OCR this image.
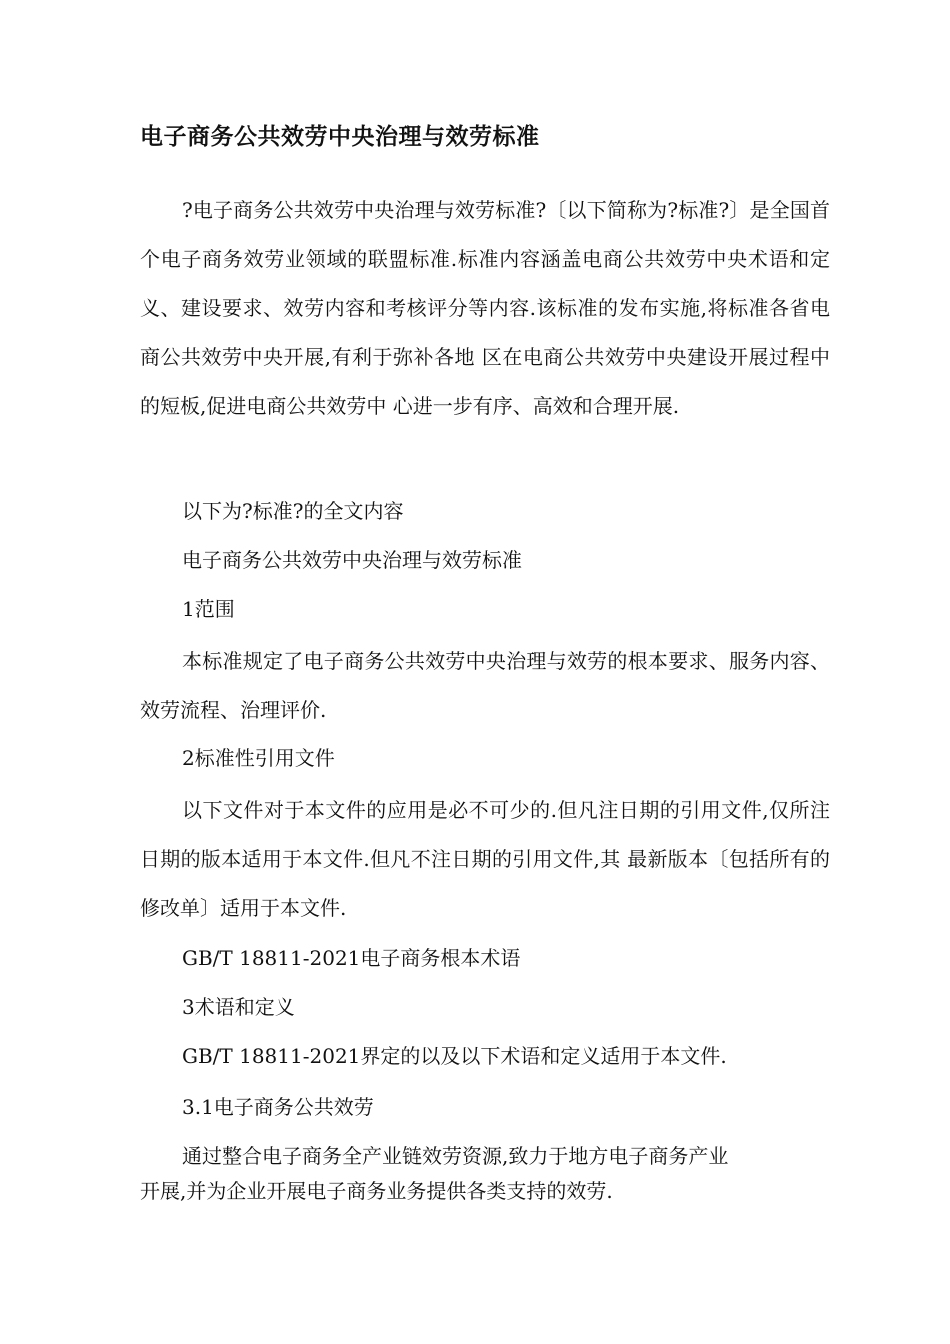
电子商务公共效劳中央治理与效劳标准

?电子商务公共效劳中央治理与效劳标准?〔以下简称为?标准?〕是全国首个电子商务效劳业领域的联盟标准.标准内容涵盖电商公共效劳中央术语和定义、建设要求、效劳内容和考核评分等内容.该标准的发布实施,将标准各省电商公共效劳中央开展,有利于弥补各地 区在电商公共效劳中央建设开展过程中的短板,促进电商公共效劳中 心进一步有序、高效和合理开展.

以下为?标准?的全文内容
电子商务公共效劳中央治理与效劳标准
1范围

本标准规定了电子商务公共效劳中央治理与效劳的根本要求、服务内容、效劳流程、治理评价.

2标准性引用文件

以下文件对于本文件的应用是必不可少的.但凡注日期的引用文件,仅所注日期的版本适用于本文件.但凡不注日期的引用文件,其 最新版本〔包括所有的修改单〕适用于本文件.

GB/T 18811-2021电子商务根本术语
3术语和定义
GB/T 18811-2021界定的以及以下术语和定义适用于本文件.
3.1电子商务公共效劳
通过整合电子商务全产业链效劳资源,致力于地方电子商务产业
开展,并为企业开展电子商务业务提供各类支持的效劳.
